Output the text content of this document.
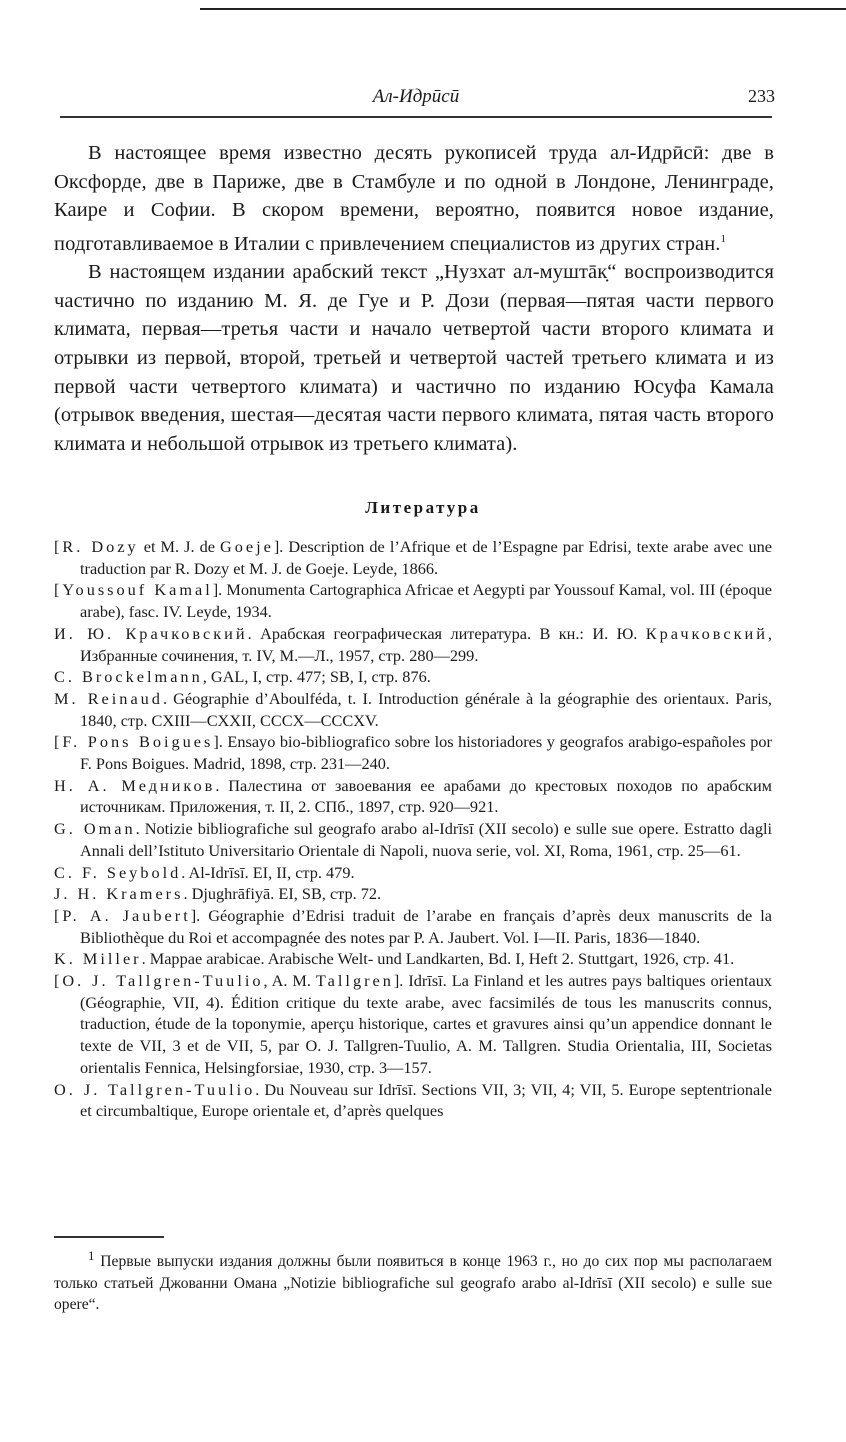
Ал-Идрӣсӣ	233

В настоящее время известно десять рукописей труда ал-Идрӣсӣ: две в Оксфорде, две в Париже, две в Стамбуле и по одной в Лондоне, Ленинграде, Каире и Софии. В скором времени, вероятно, появится новое издание, подготавливаемое в Италии с привлечением специалистов из других стран.$^1$

В настоящем издании арабский текст „Нузхат ал-муштāк̣“ воспроизводится частично по изданию М. Я. де Гуе и Р. Дози (первая—пятая части первого климата, первая—третья части и начало четвертой части второго климата и отрывки из первой, второй, третьей и четвертой частей третьего климата и из первой части четвертого климата) и частично по изданию Юсуфа Камала (отрывок введения, шестая—десятая части первого климата, пятая часть второго климата и небольшой отрывок из третьего климата).

Литература
[R. Dozy et M. J. de Goeje]. Description de l’Afrique et de l’Espagne par Edrisi, texte arabe avec une traduction par R. Dozy et M. J. de Goeje. Leyde, 1866.
[Youssouf Kamal]. Monumenta Cartographica Africae et Aegypti par Youssouf Kamal, vol. III (époque arabe), fasc. IV. Leyde, 1934.
И. Ю. Крачковский. Арабская географическая литература. В кн.: И. Ю. Крачковский, Избранные сочинения, т. IV, М.—Л., 1957, стр. 280—299.
C. Brockelmann, GAL, I, стр. 477; SB, I, стр. 876.
M. Reinaud. Géographie d’Aboulféda, t. I. Introduction générale à la géographie des orientaux. Paris, 1840, стр. CXIII—CXXII, CCCX—CCCXV.
[F. Pons Boigues]. Ensayo bio-bibliografico sobre los historiadores y geografos arabigo-españoles por F. Pons Boigues. Madrid, 1898, стр. 231—240.
Н. А. Медников. Палестина от завоевания ее арабами до крестовых походов по арабским источникам. Приложения, т. II, 2. СПб., 1897, стр. 920—921.
G. Oman. Notizie bibliografiche sul geografo arabo al-Idrīsī (XII secolo) e sulle sue opere. Estratto dagli Annali dell’Istituto Universitario Orientale di Napoli, nuova serie, vol. XI, Roma, 1961, стр. 25—61.
C. F. Seybold. Al-Idrīsī. EI, II, стр. 479.
J. H. Kramers. Djughrāfiyā. EI, SB, стр. 72.
[P. A. Jaubert]. Géographie d’Edrisi traduit de l’arabe en français d’après deux manuscrits de la Bibliothèque du Roi et accompagnée des notes par P. A. Jaubert. Vol. I—II. Paris, 1836—1840.
K. Miller. Mappae arabicae. Arabische Welt- und Landkarten, Bd. I, Heft 2. Stuttgart, 1926, стр. 41.
[O. J. Tallgren-Tuulio, A. M. Tallgren]. Idrīsī. La Finland et les autres pays baltiques orientaux (Géographie, VII, 4). Édition critique du texte arabe, avec facsimilés de tous les manuscrits connus, traduction, étude de la toponymie, aperçu historique, cartes et gravures ainsi qu’un appendice donnant le texte de VII, 3 et de VII, 5, par O. J. Tallgren-Tuulio, A. M. Tallgren. Studia Orientalia, III, Societas orientalis Fennica, Helsingforsiae, 1930, стр. 3—157.
O. J. Tallgren-Tuulio. Du Nouveau sur Idrīsī. Sections VII, 3; VII, 4; VII, 5. Europe septentrionale et circumbaltique, Europe orientale et, d’après quelques

$^1$ Первые выпуски издания должны были появиться в конце 1963 г., но до сих пор мы располагаем только статьей Джованни Омана „Notizie bibliografiche sul geografo arabo al-Idrīsī (XII secolo) e sulle sue opere“.
